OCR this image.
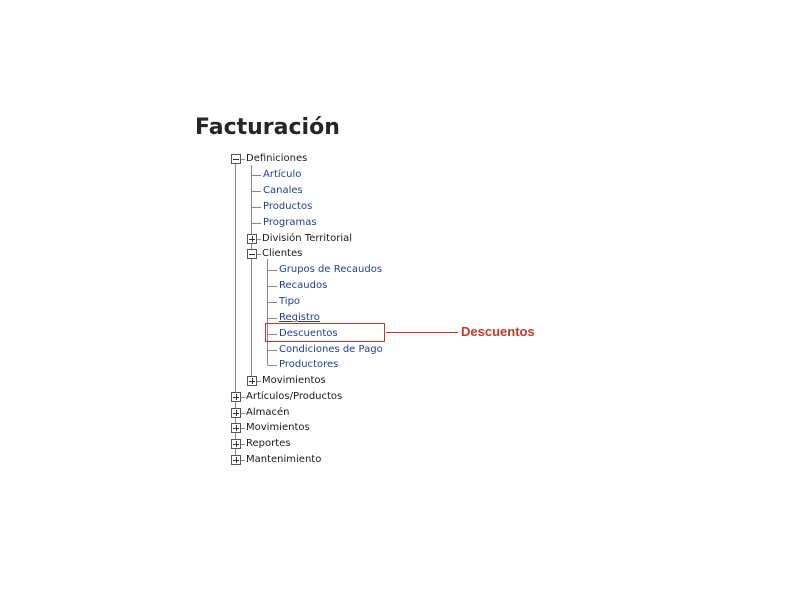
Facturación
Definiciones
Artículo
Canales
Productos
Programas
División Territorial
Clientes
Grupos de Recaudos
Recaudos
Tipo
Registro
Descuentos
Condiciones de Pago
Productores
Movimientos
Artículos/Productos
Almacén
Movimientos
Reportes
Mantenimiento
Descuentos
